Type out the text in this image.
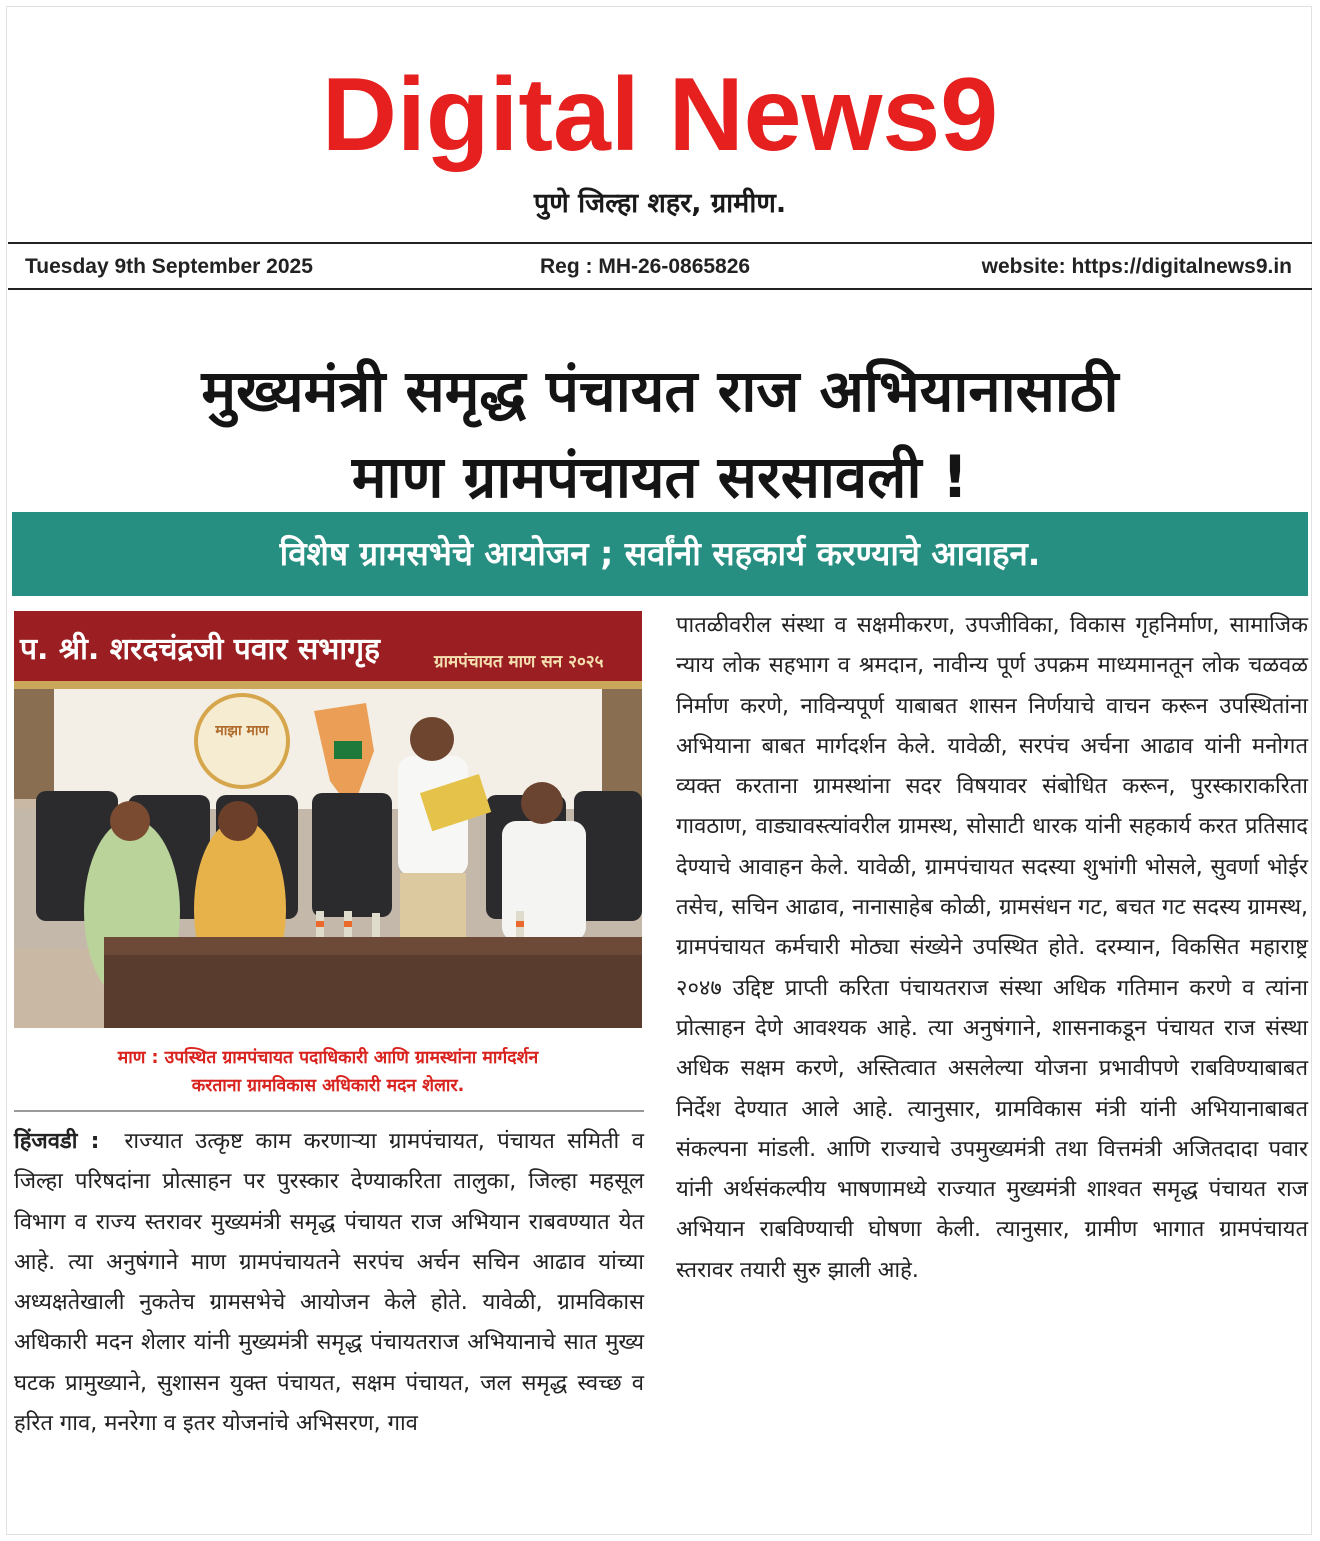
Digital News9
पुणे जिल्हा शहर, ग्रामीण.
Tuesday 9th September 2025	Reg : MH-26-0865826	website: https://digitalnews9.in
मुख्यमंत्री समृद्ध पंचायत राज अभियानासाठी
माण ग्रामपंचायत सरसावली !
विशेष ग्रामसभेचे आयोजन ; सर्वांनी सहकार्य करण्याचे आवाहन.
प. श्री. शरदचंद्रजी पवार सभागृह	ग्रामपंचायत माण सन २०२५
माझा माण
माण : उपस्थित ग्रामपंचायत पदाधिकारी आणि ग्रामस्थांना मार्गदर्शन
करताना ग्रामविकास अधिकारी मदन शेलार.
हिंजवडी : राज्यात उत्कृष्ट काम करणाऱ्या ग्रामपंचायत, पंचायत समिती व जिल्हा परिषदांना प्रोत्साहन पर पुरस्कार देण्याकरिता तालुका, जिल्हा महसूल विभाग व राज्य स्तरावर मुख्यमंत्री समृद्ध पंचायत राज अभियान राबवण्यात येत आहे. त्या अनुषंगाने माण ग्रामपंचायतने सरपंच अर्चन सचिन आढाव यांच्या अध्यक्षतेखाली नुकतेच ग्रामसभेचे आयोजन केले होते. यावेळी, ग्रामविकास अधिकारी मदन शेलार यांनी मुख्यमंत्री समृद्ध पंचायतराज अभियानाचे सात मुख्य घटक प्रामुख्याने, सुशासन युक्त पंचायत, सक्षम पंचायत, जल समृद्ध स्वच्छ व हरित गाव, मनरेगा व इतर योजनांचे अभिसरण, गाव
पातळीवरील संस्था व सक्षमीकरण, उपजीविका, विकास गृहनिर्माण, सामाजिक न्याय लोक सहभाग व श्रमदान, नावीन्य पूर्ण उपक्रम माध्यमानतून लोक चळवळ निर्माण करणे, नाविन्यपूर्ण याबाबत शासन निर्णयाचे वाचन करून उपस्थितांना अभियाना बाबत मार्गदर्शन केले. यावेळी, सरपंच अर्चना आढाव यांनी मनोगत व्यक्त करताना ग्रामस्थांना सदर विषयावर संबोधित करून, पुरस्काराकरिता गावठाण, वाड्यावस्त्यांवरील ग्रामस्थ, सोसाटी धारक यांनी सहकार्य करत प्रतिसाद देण्याचे आवाहन केले. यावेळी, ग्रामपंचायत सदस्या शुभांगी भोसले, सुवर्णा भोईर तसेच, सचिन आढाव, नानासाहेब कोळी, ग्रामसंधन गट, बचत गट सदस्य ग्रामस्थ, ग्रामपंचायत कर्मचारी मोठ्या संख्येने उपस्थित होते. दरम्यान, विकसित महाराष्ट्र २०४७ उद्दिष्ट प्राप्ती करिता पंचायतराज संस्था अधिक गतिमान करणे व त्यांना प्रोत्साहन देणे आवश्यक आहे. त्या अनुषंगाने, शासनाकडून पंचायत राज संस्था अधिक सक्षम करणे, अस्तित्वात असलेल्या योजना प्रभावीपणे राबविण्याबाबत निर्देश देण्यात आले आहे. त्यानुसार, ग्रामविकास मंत्री यांनी अभियानाबाबत संकल्पना मांडली. आणि राज्याचे उपमुख्यमंत्री तथा वित्तमंत्री अजितदादा पवार यांनी अर्थसंकल्पीय भाषणामध्ये राज्यात मुख्यमंत्री शाश्वत समृद्ध पंचायत राज अभियान राबविण्याची घोषणा केली. त्यानुसार, ग्रामीण भागात ग्रामपंचायत स्तरावर तयारी सुरु झाली आहे.
